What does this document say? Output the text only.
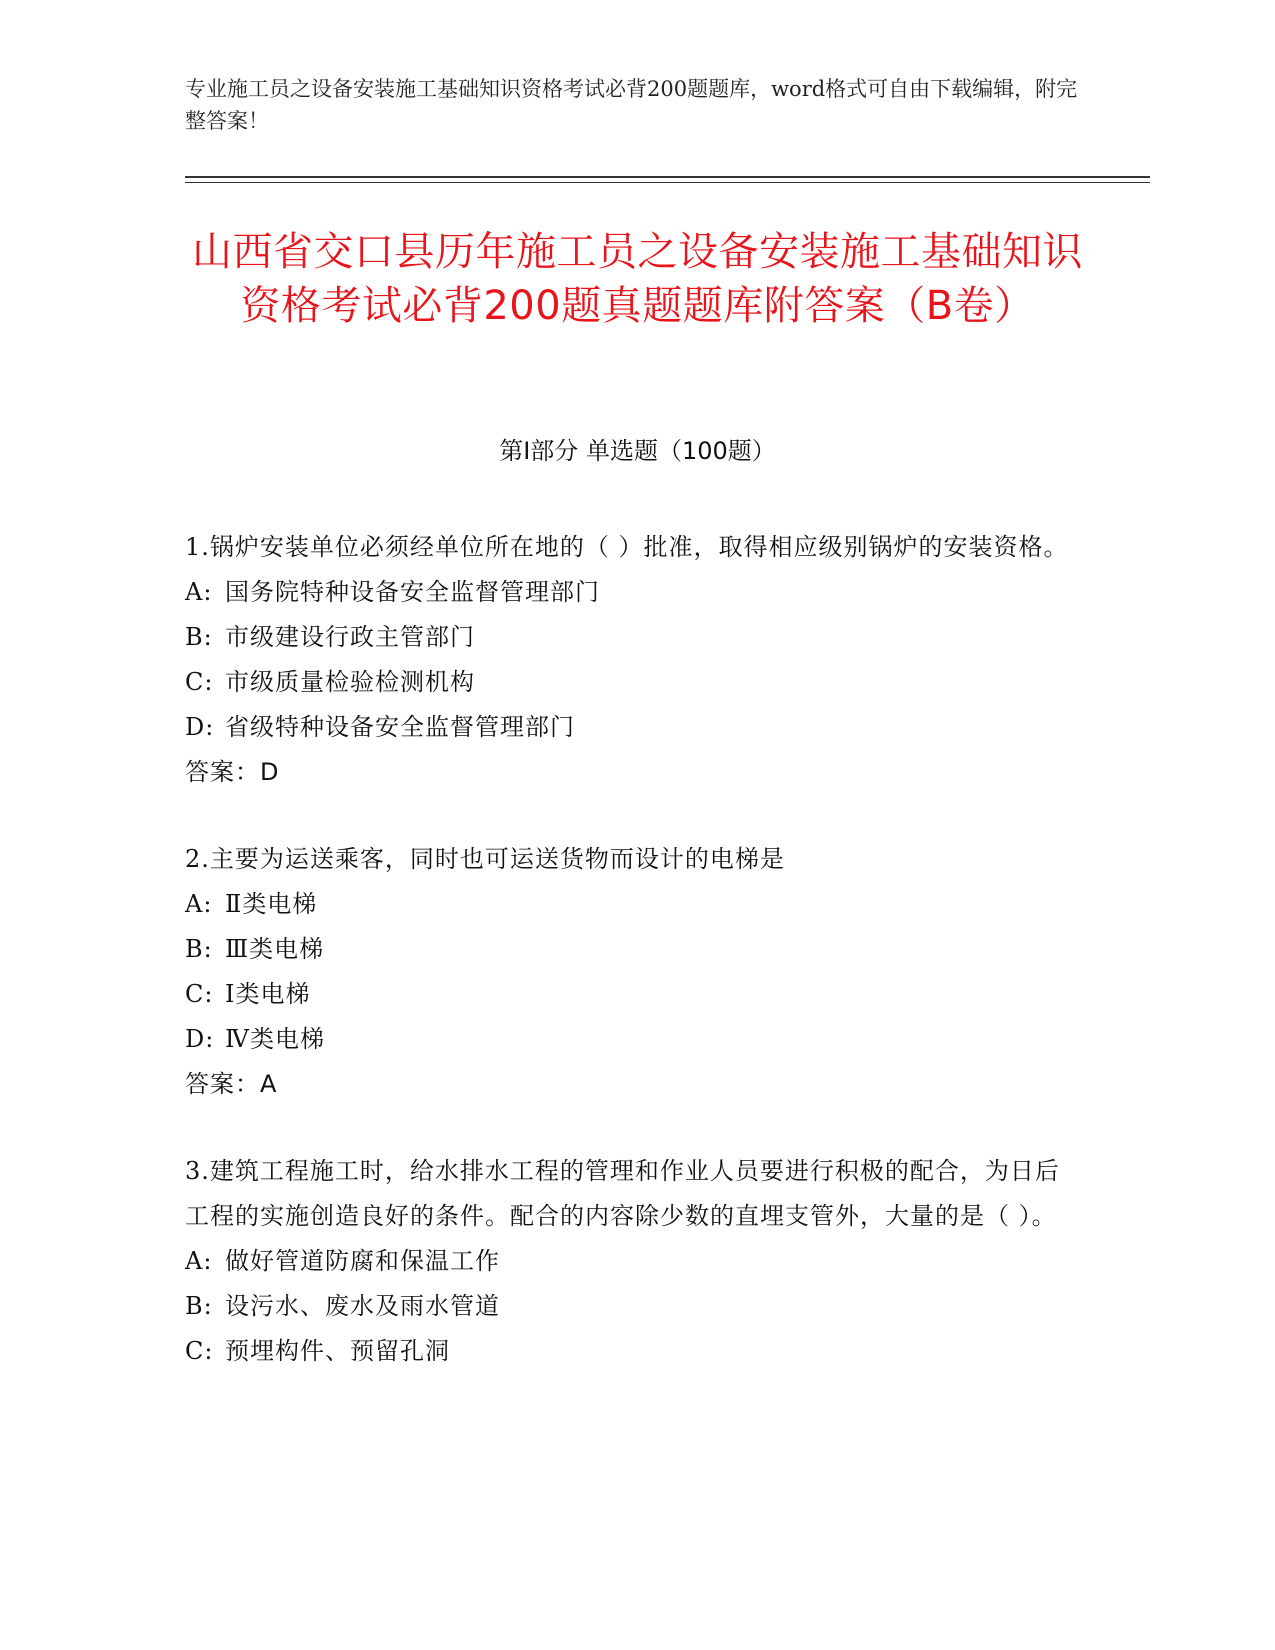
专业施工员之设备安装施工基础知识资格考试必背200题题库，word格式可自由下载编辑，附完整答案！
山西省交口县历年施工员之设备安装施工基础知识资格考试必背200题真题题库附答案（B卷）
第I部分 单选题（100题）

1.锅炉安装单位必须经单位所在地的（ ）批准，取得相应级别锅炉的安装资格。

A: 国务院特种设备安全监督管理部门

B: 市级建设行政主管部门

C: 市级质量检验检测机构

D: 省级特种设备安全监督管理部门

答案：D

2.主要为运送乘客，同时也可运送货物而设计的电梯是

A: Ⅱ类电梯

B: Ⅲ类电梯

C: Ⅰ类电梯

D: Ⅳ类电梯

答案：A

3.建筑工程施工时，给水排水工程的管理和作业人员要进行积极的配合，为日后工程的实施创造良好的条件。配合的内容除少数的直埋支管外，大量的是（ ）。

A: 做好管道防腐和保温工作

B: 设污水、废水及雨水管道

C: 预埋构件、预留孔洞
